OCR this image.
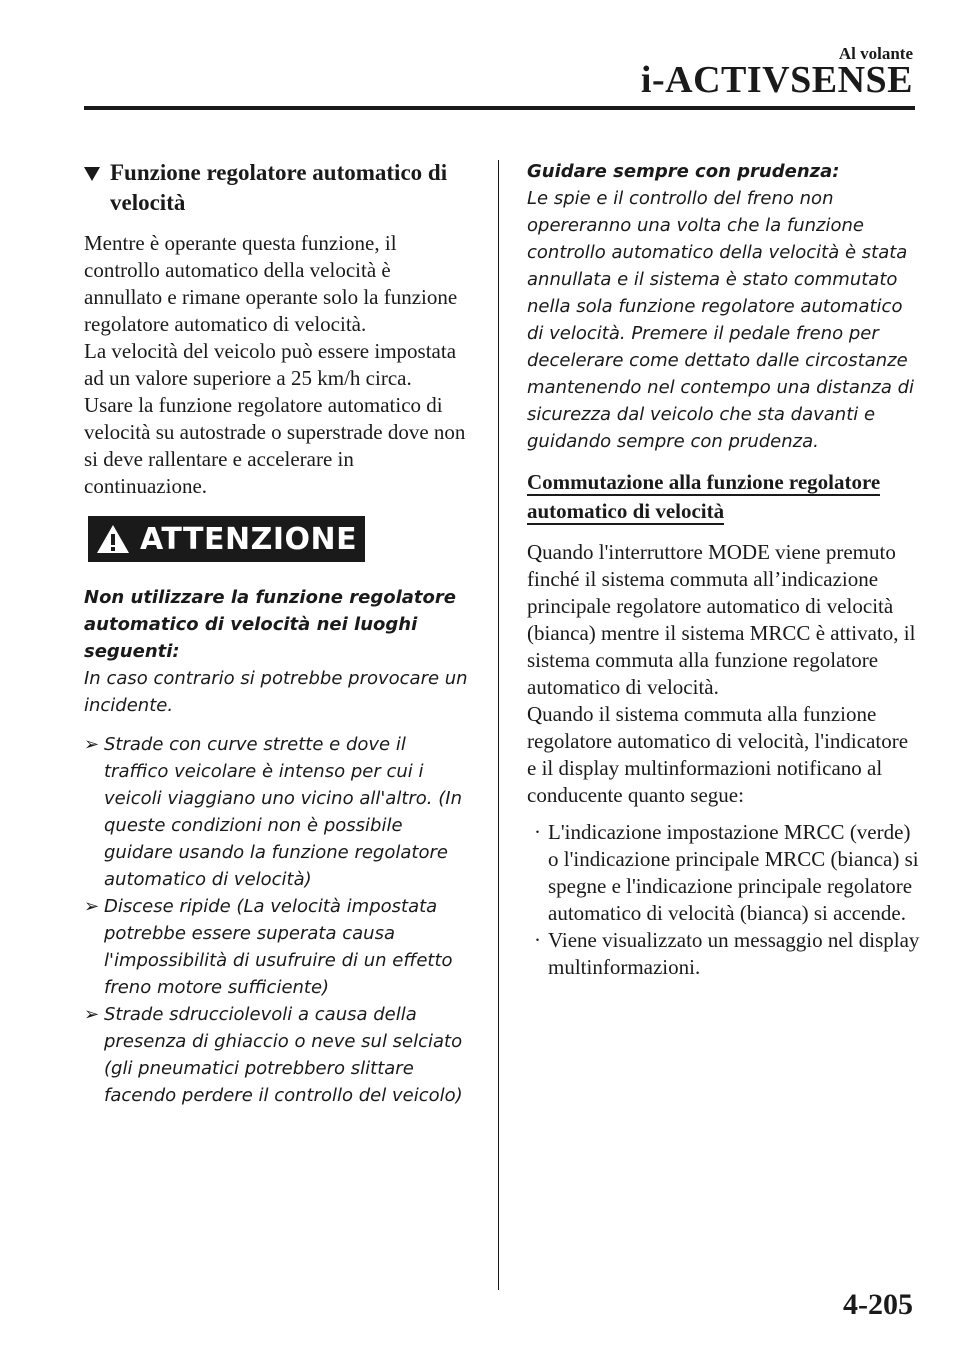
Al volante
i-ACTIVSENSE
Funzione regolatore automatico di velocità

Mentre è operante questa funzione, il controllo automatico della velocità è annullato e rimane operante solo la funzione regolatore automatico di velocità.

La velocità del veicolo può essere impostata ad un valore superiore a 25 km/h circa.

Usare la funzione regolatore automatico di velocità su autostrade o superstrade dove non si deve rallentare e accelerare in continuazione.

ATTENZIONE

Non utilizzare la funzione regolatore automatico di velocità nei luoghi seguenti:

In caso contrario si potrebbe provocare un incidente.

➢ Strade con curve strette e dove il traffico veicolare è intenso per cui i veicoli viaggiano uno vicino all'altro. (In queste condizioni non è possibile guidare usando la funzione regolatore automatico di velocità)
➢ Discese ripide (La velocità impostata potrebbe essere superata causa l'impossibilità di usufruire di un effetto freno motore sufficiente)
➢ Strade sdrucciolevoli a causa della presenza di ghiaccio o neve sul selciato (gli pneumatici potrebbero slittare facendo perdere il controllo del veicolo)

Guidare sempre con prudenza:

Le spie e il controllo del freno non opereranno una volta che la funzione controllo automatico della velocità è stata annullata e il sistema è stato commutato nella sola funzione regolatore automatico di velocità. Premere il pedale freno per decelerare come dettato dalle circostanze mantenendo nel contempo una distanza di sicurezza dal veicolo che sta davanti e guidando sempre con prudenza.

Commutazione alla funzione regolatore automatico di velocità

Quando l'interruttore MODE viene premuto finché il sistema commuta all’indicazione principale regolatore automatico di velocità (bianca) mentre il sistema MRCC è attivato, il sistema commuta alla funzione regolatore automatico di velocità.

Quando il sistema commuta alla funzione regolatore automatico di velocità, l'indicatore e il display multinformazioni notificano al conducente quanto segue:

· L'indicazione impostazione MRCC (verde) o l'indicazione principale MRCC (bianca) si spegne e l'indicazione principale regolatore automatico di velocità (bianca) si accende.
· Viene visualizzato un messaggio nel display multinformazioni.
4-205
